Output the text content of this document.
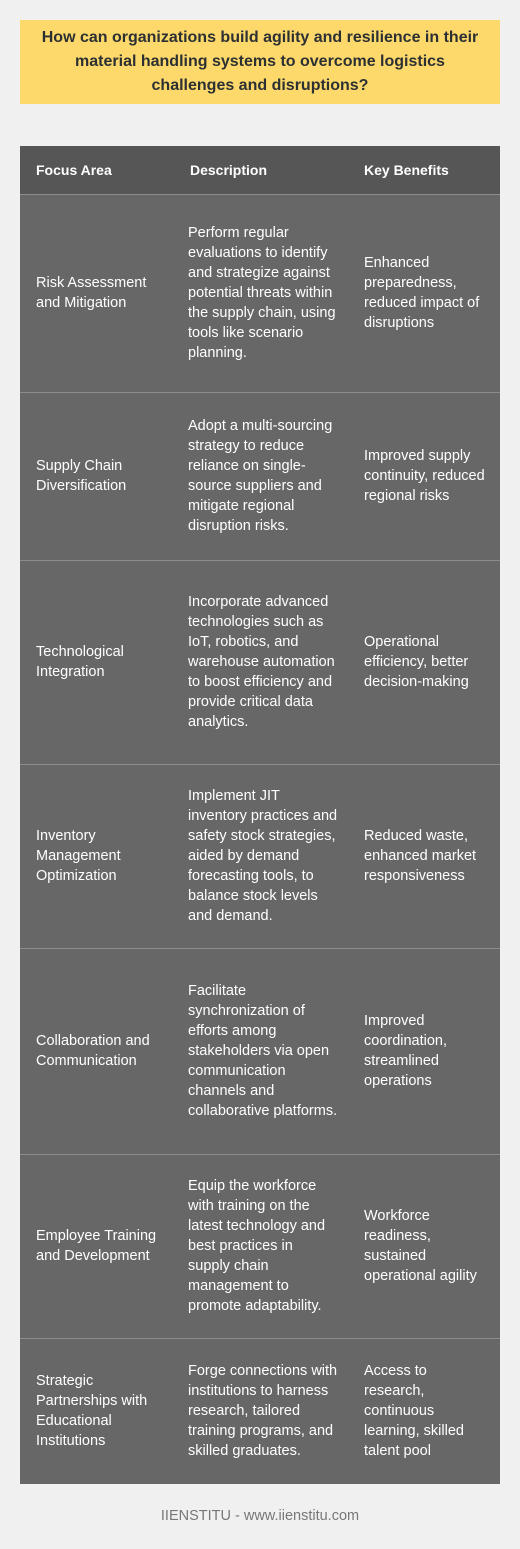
How can organizations build agility and resilience in their material handling systems to overcome logistics challenges and disruptions?
Focus Area	Description	Key Benefits
Risk Assessment and Mitigation	Perform regular evaluations to identify and strategize against potential threats within the supply chain, using tools like scenario planning.	Enhanced preparedness, reduced impact of disruptions
Supply Chain Diversification	Adopt a multi-sourcing strategy to reduce reliance on single-source suppliers and mitigate regional disruption risks.	Improved supply continuity, reduced regional risks
Technological Integration	Incorporate advanced technologies such as IoT, robotics, and warehouse automation to boost efficiency and provide critical data analytics.	Operational efficiency, better decision-making
Inventory Management Optimization	Implement JIT inventory practices and safety stock strategies, aided by demand forecasting tools, to balance stock levels and demand.	Reduced waste, enhanced market responsiveness
Collaboration and Communication	Facilitate synchronization of efforts among stakeholders via open communication channels and collaborative platforms.	Improved coordination, streamlined operations
Employee Training and Development	Equip the workforce with training on the latest technology and best practices in supply chain management to promote adaptability.	Workforce readiness, sustained operational agility
Strategic Partnerships with Educational Institutions	Forge connections with institutions to harness research, tailored training programs, and skilled graduates.	Access to research, continuous learning, skilled talent pool
IIENSTITU - www.iienstitu.com
